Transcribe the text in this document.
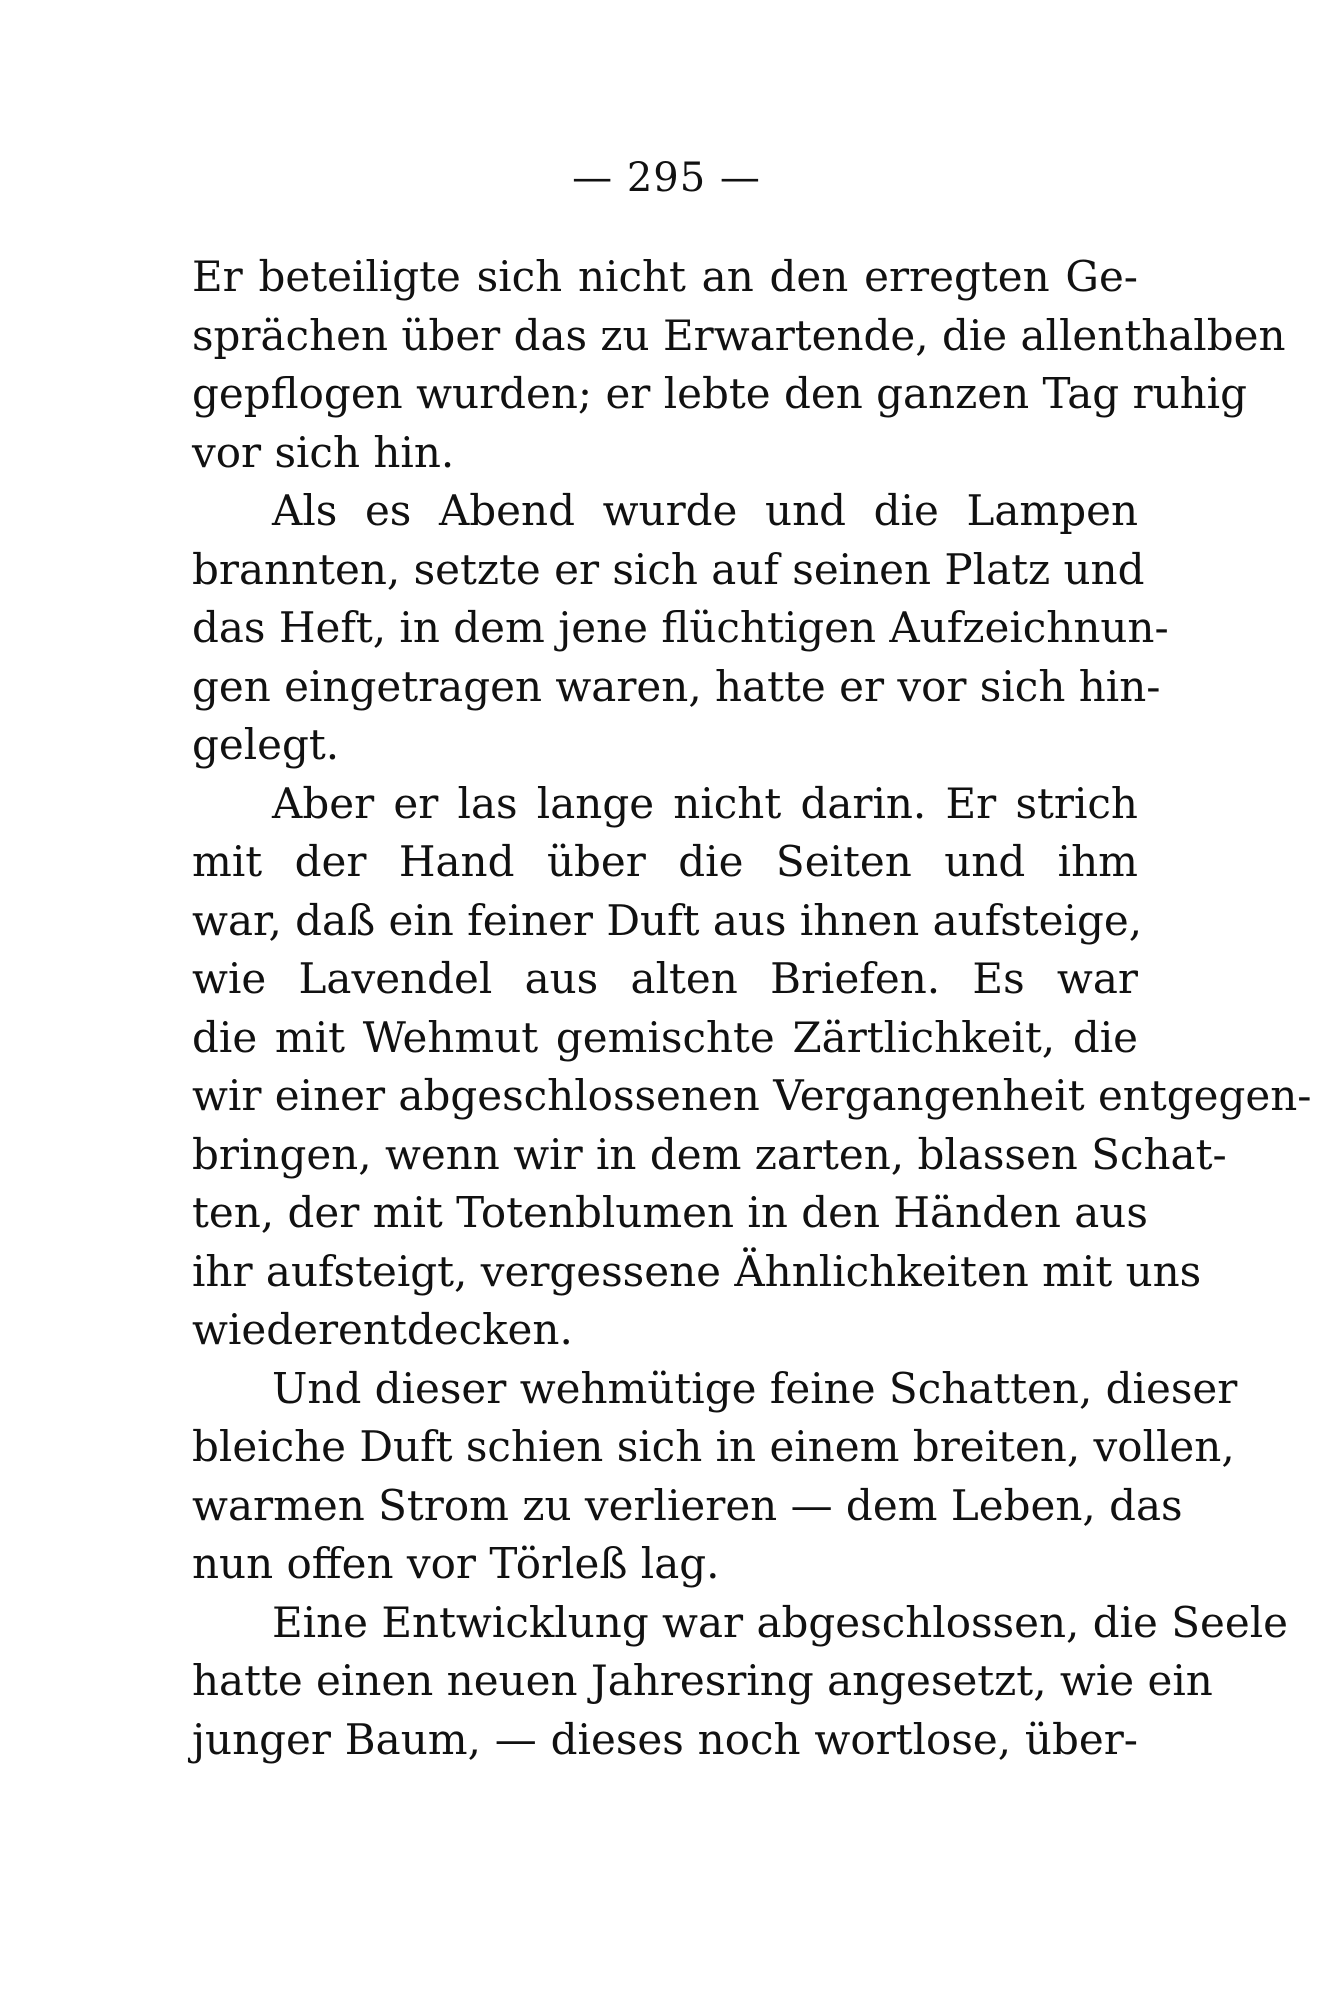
— 295 —
Er beteiligte sich nicht an den erregten Ge-
sprächen über das zu Erwartende, die allenthalben
gepflogen wurden; er lebte den ganzen Tag ruhig
vor sich hin.
Als es Abend wurde und die Lampen
brannten, setzte er sich auf seinen Platz und
das Heft, in dem jene flüchtigen Aufzeichnun-
gen eingetragen waren, hatte er vor sich hin-
gelegt.
Aber er las lange nicht darin. Er strich
mit der Hand über die Seiten und ihm
war, daß ein feiner Duft aus ihnen aufsteige,
wie Lavendel aus alten Briefen. Es war
die mit Wehmut gemischte Zärtlichkeit, die
wir einer abgeschlossenen Vergangenheit entgegen-
bringen, wenn wir in dem zarten, blassen Schat-
ten, der mit Totenblumen in den Händen aus
ihr aufsteigt, vergessene Ähnlichkeiten mit uns
wiederentdecken.
Und dieser wehmütige feine Schatten, dieser
bleiche Duft schien sich in einem breiten, vollen,
warmen Strom zu verlieren — dem Leben, das
nun offen vor Törleß lag.
Eine Entwicklung war abgeschlossen, die Seele
hatte einen neuen Jahresring angesetzt, wie ein
junger Baum, — dieses noch wortlose, über-
